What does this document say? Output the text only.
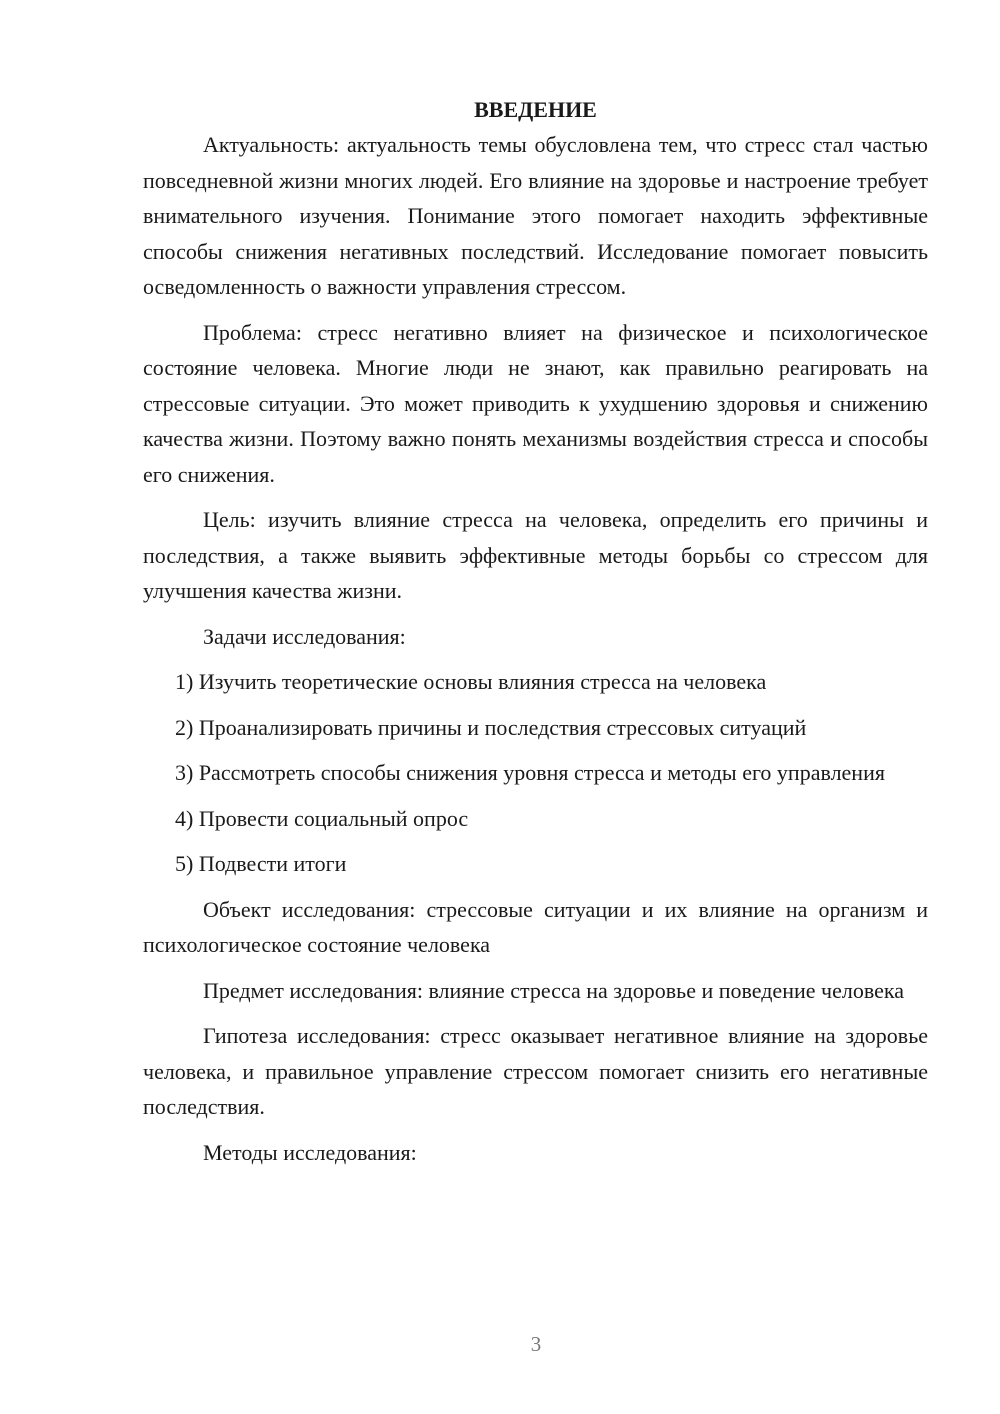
ВВЕДЕНИЕ

Актуальность: актуальность темы обусловлена тем, что стресс стал частью повседневной жизни многих людей. Его влияние на здоровье и настроение требует внимательного изучения. Понимание этого помогает находить эффективные способы снижения негативных последствий. Исследование помогает повысить осведомленность о важности управления стрессом.

Проблема: стресс негативно влияет на физическое и психологическое состояние человека. Многие люди не знают, как правильно реагировать на стрессовые ситуации. Это может приводить к ухудшению здоровья и снижению качества жизни. Поэтому важно понять механизмы воздействия стресса и способы его снижения.

Цель: изучить влияние стресса на человека, определить его причины и последствия, а также выявить эффективные методы борьбы со стрессом для улучшения качества жизни.

Задачи исследования:

1) Изучить теоретические основы влияния стресса на человека

2) Проанализировать причины и последствия стрессовых ситуаций

3) Рассмотреть способы снижения уровня стресса и методы его управления

4) Провести социальный опрос

5) Подвести итоги

Объект исследования: стрессовые ситуации и их влияние на организм и психологическое состояние человека

Предмет исследования: влияние стресса на здоровье и поведение человека

Гипотеза исследования: стресс оказывает негативное влияние на здоровье человека, и правильное управление стрессом помогает снизить его негативные последствия.

Методы исследования:

3
